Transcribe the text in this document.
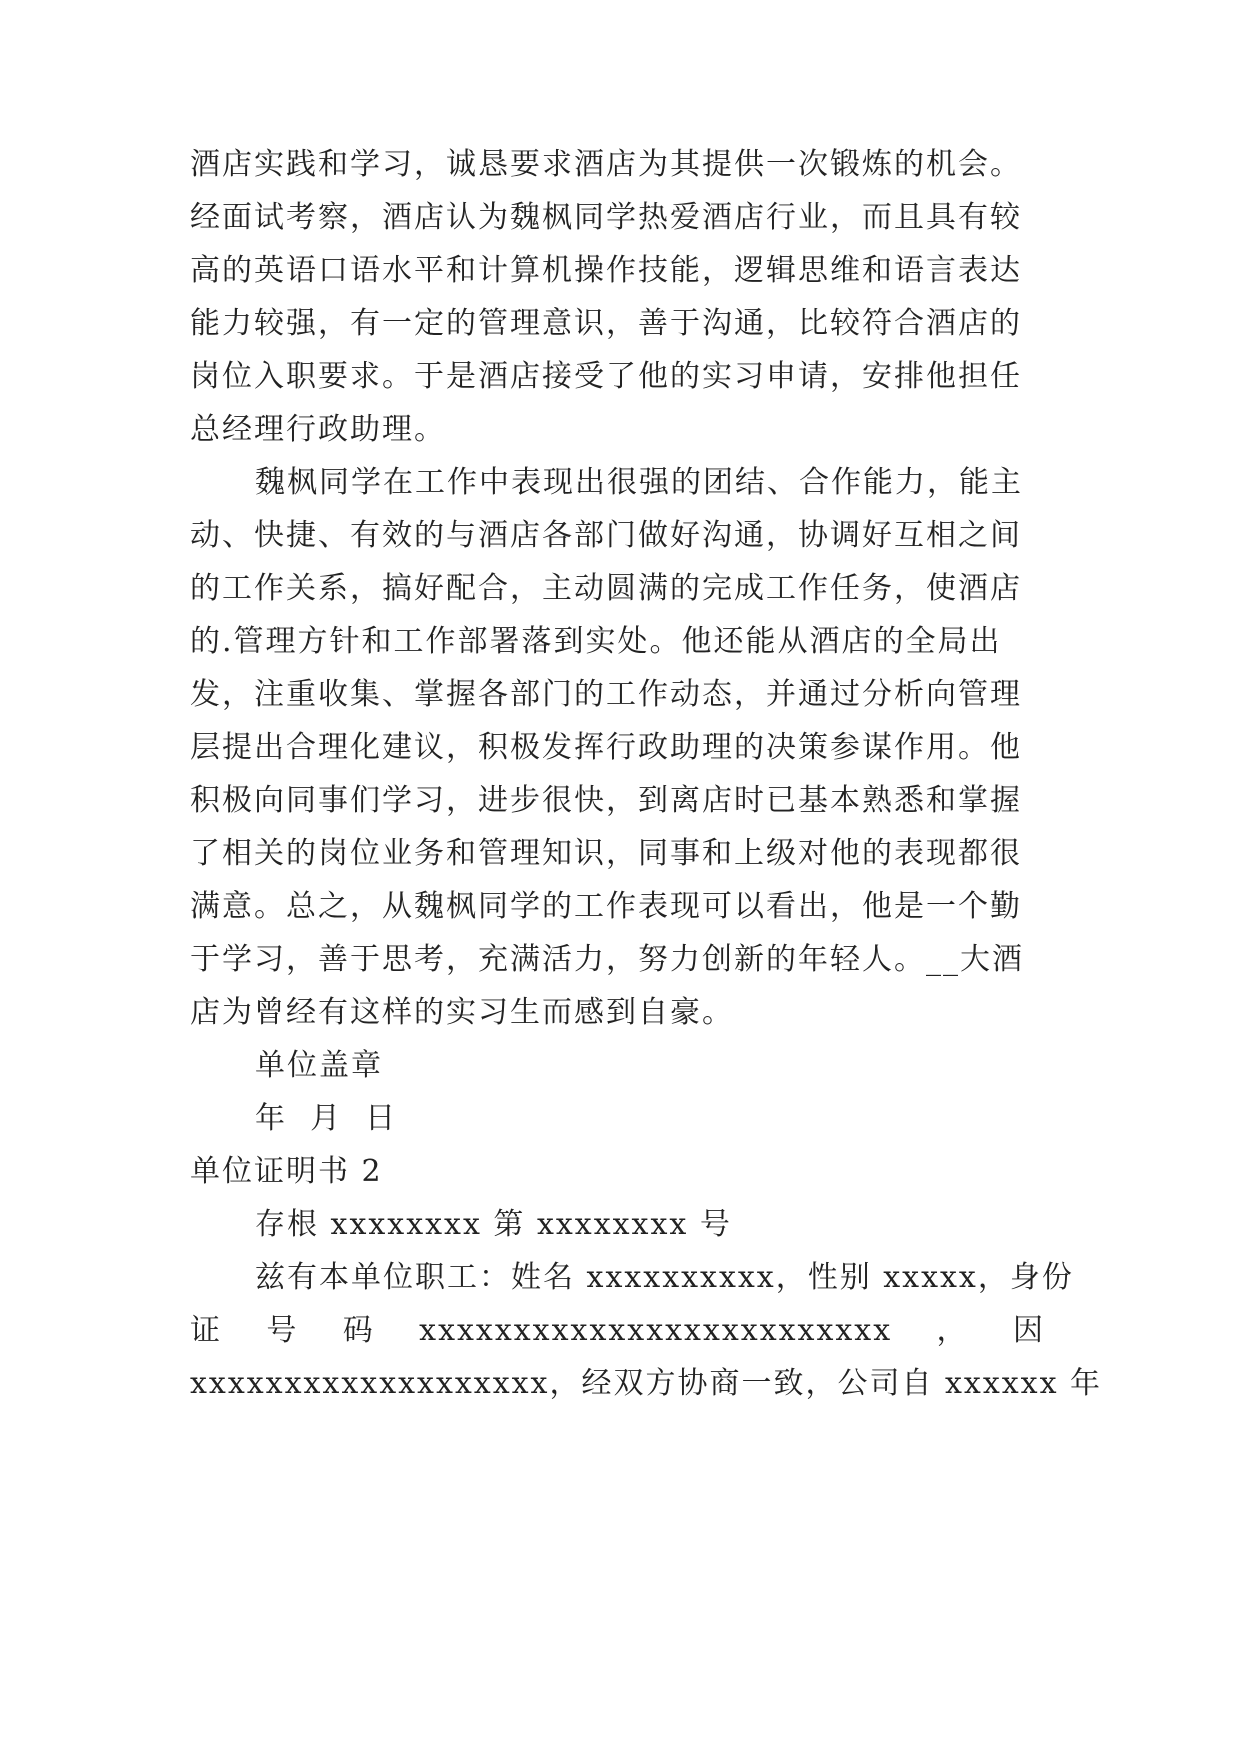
酒店实践和学习，诚恳要求酒店为其提供一次锻炼的机会。
经面试考察，酒店认为魏枫同学热爱酒店行业，而且具有较
高的英语口语水平和计算机操作技能，逻辑思维和语言表达
能力较强，有一定的管理意识，善于沟通，比较符合酒店的
岗位入职要求。于是酒店接受了他的实习申请，安排他担任
总经理行政助理。
魏枫同学在工作中表现出很强的团结、合作能力，能主
动、快捷、有效的与酒店各部门做好沟通，协调好互相之间
的工作关系，搞好配合，主动圆满的完成工作任务，使酒店
的.管理方针和工作部署落到实处。他还能从酒店的全局出
发，注重收集、掌握各部门的工作动态，并通过分析向管理
层提出合理化建议，积极发挥行政助理的决策参谋作用。他
积极向同事们学习，进步很快，到离店时已基本熟悉和掌握
了相关的岗位业务和管理知识，同事和上级对他的表现都很
满意。总之，从魏枫同学的工作表现可以看出，他是一个勤
于学习，善于思考，充满活力，努力创新的年轻人。__大酒
店为曾经有这样的实习生而感到自豪。
单位盖章
年  月  日
单位证明书 2
存根 xxxxxxxx 第 xxxxxxxx 号
兹有本单位职工：姓名 xxxxxxxxxx，性别 xxxxx，身份
证 号 码 xxxxxxxxxxxxxxxxxxxxxxxxx ， 因
xxxxxxxxxxxxxxxxxxx，经双方协商一致，公司自 xxxxxx 年
